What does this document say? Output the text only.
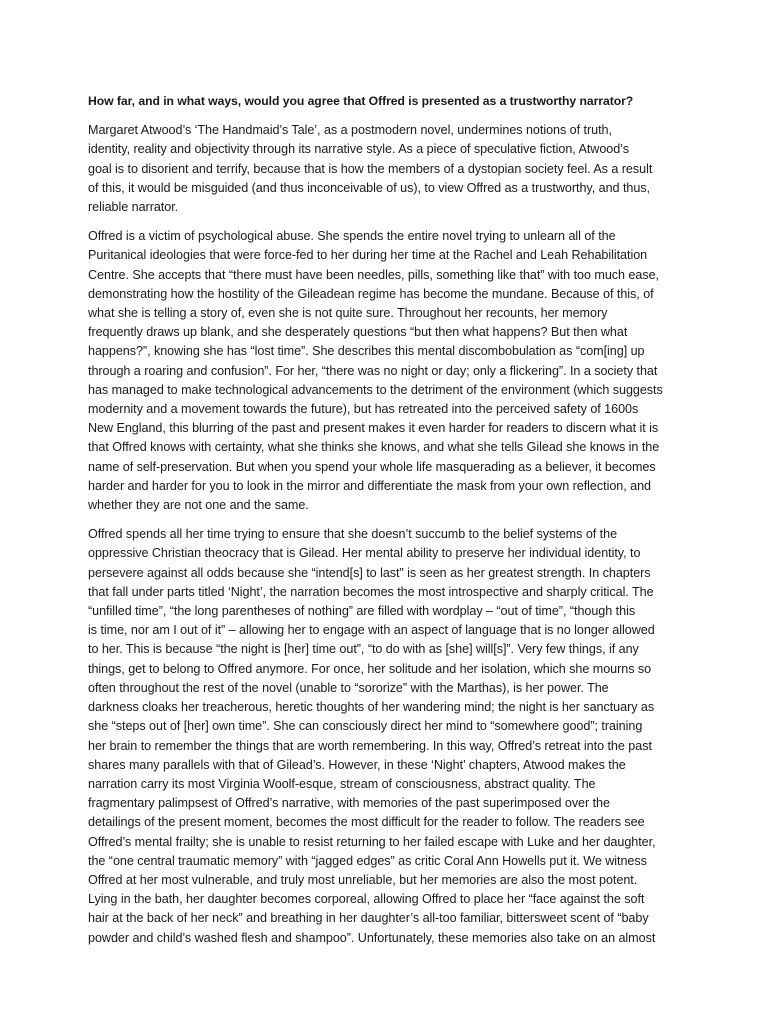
How far, and in what ways, would you agree that Offred is presented as a trustworthy narrator?
Margaret Atwood’s ‘The Handmaid’s Tale’, as a postmodern novel, undermines notions of truth,
identity, reality and objectivity through its narrative style. As a piece of speculative fiction, Atwood’s
goal is to disorient and terrify, because that is how the members of a dystopian society feel. As a result
of this, it would be misguided (and thus inconceivable of us), to view Offred as a trustworthy, and thus,
reliable narrator.
Offred is a victim of psychological abuse. She spends the entire novel trying to unlearn all of the
Puritanical ideologies that were force-fed to her during her time at the Rachel and Leah Rehabilitation
Centre. She accepts that “there must have been needles, pills, something like that” with too much ease,
demonstrating how the hostility of the Gileadean regime has become the mundane. Because of this, of
what she is telling a story of, even she is not quite sure. Throughout her recounts, her memory
frequently draws up blank, and she desperately questions “but then what happens? But then what
happens?”, knowing she has “lost time”. She describes this mental discombobulation as “com[ing] up
through a roaring and confusion”. For her, “there was no night or day; only a flickering”. In a society that
has managed to make technological advancements to the detriment of the environment (which suggests
modernity and a movement towards the future), but has retreated into the perceived safety of 1600s
New England, this blurring of the past and present makes it even harder for readers to discern what it is
that Offred knows with certainty, what she thinks she knows, and what she tells Gilead she knows in the
name of self-preservation. But when you spend your whole life masquerading as a believer, it becomes
harder and harder for you to look in the mirror and differentiate the mask from your own reflection, and
whether they are not one and the same.
Offred spends all her time trying to ensure that she doesn’t succumb to the belief systems of the
oppressive Christian theocracy that is Gilead. Her mental ability to preserve her individual identity, to
persevere against all odds because she “intend[s] to last” is seen as her greatest strength. In chapters
that fall under parts titled ‘Night’, the narration becomes the most introspective and sharply critical. The
“unfilled time”, “the long parentheses of nothing” are filled with wordplay – “out of time”, “though this
is time, nor am I out of it” – allowing her to engage with an aspect of language that is no longer allowed
to her. This is because “the night is [her] time out”, “to do with as [she] will[s]”. Very few things, if any
things, get to belong to Offred anymore. For once, her solitude and her isolation, which she mourns so
often throughout the rest of the novel (unable to “sororize” with the Marthas), is her power. The
darkness cloaks her treacherous, heretic thoughts of her wandering mind; the night is her sanctuary as
she “steps out of [her] own time”. She can consciously direct her mind to “somewhere good”; training
her brain to remember the things that are worth remembering. In this way, Offred’s retreat into the past
shares many parallels with that of Gilead’s. However, in these ‘Night’ chapters, Atwood makes the
narration carry its most Virginia Woolf-esque, stream of consciousness, abstract quality. The
fragmentary palimpsest of Offred’s narrative, with memories of the past superimposed over the
detailings of the present moment, becomes the most difficult for the reader to follow. The readers see
Offred’s mental frailty; she is unable to resist returning to her failed escape with Luke and her daughter,
the “one central traumatic memory” with “jagged edges” as critic Coral Ann Howells put it. We witness
Offred at her most vulnerable, and truly most unreliable, but her memories are also the most potent.
Lying in the bath, her daughter becomes corporeal, allowing Offred to place her “face against the soft
hair at the back of her neck” and breathing in her daughter’s all-too familiar, bittersweet scent of “baby
powder and child’s washed flesh and shampoo”. Unfortunately, these memories also take on an almost
